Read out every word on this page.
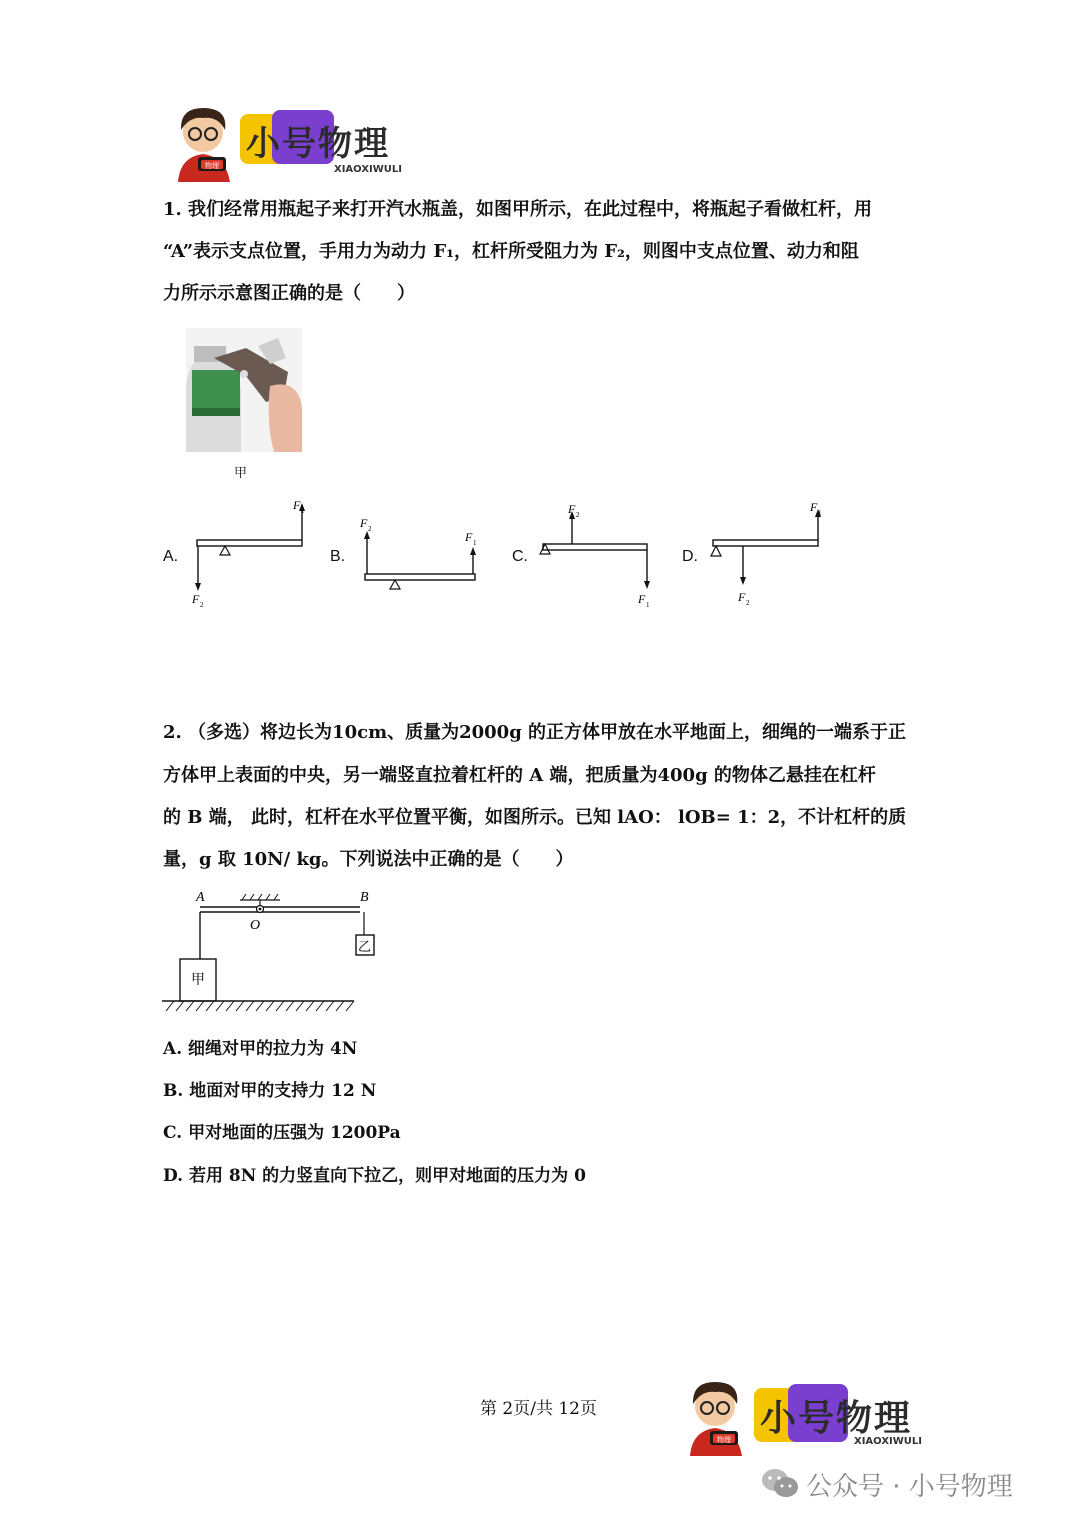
物理
小号物理
XIAOXIWULI
1. 我们经常用瓶起子来打开汽水瓶盖，如图甲所示，在此过程中，将瓶起子看做杠杆，用
“A”表示支点位置，手用力为动力 F₁，杠杆所受阻力为 F₂，则图中支点位置、动力和阻
力所示示意图正确的是（　　）
甲
A.
F 1
F 2
B.
F 2
F 1
C.
F 2
F 1
D.
F 1
F 2
2. （多选）将边长为10cm、质量为2000g 的正方体甲放在水平地面上，细绳的一端系于正
方体甲上表面的中央，另一端竖直拉着杠杆的 A 端，把质量为400g 的物体乙悬挂在杠杆
的 B 端， 此时，杠杆在水平位置平衡，如图所示。已知 lAO： lOB= 1：2，不计杠杆的质
量，g 取 10N/ kg。下列说法中正确的是（　　）
A	B
O
甲
乙
A. 细绳对甲的拉力为 4N
B. 地面对甲的支持力 12 N
C. 甲对地面的压强为 1200Pa
D. 若用 8N 的力竖直向下拉乙，则甲对地面的压力为 0
第 2页/共 12页
物理
小号物理
XIAOXIWULI
公众号 · 小号物理
